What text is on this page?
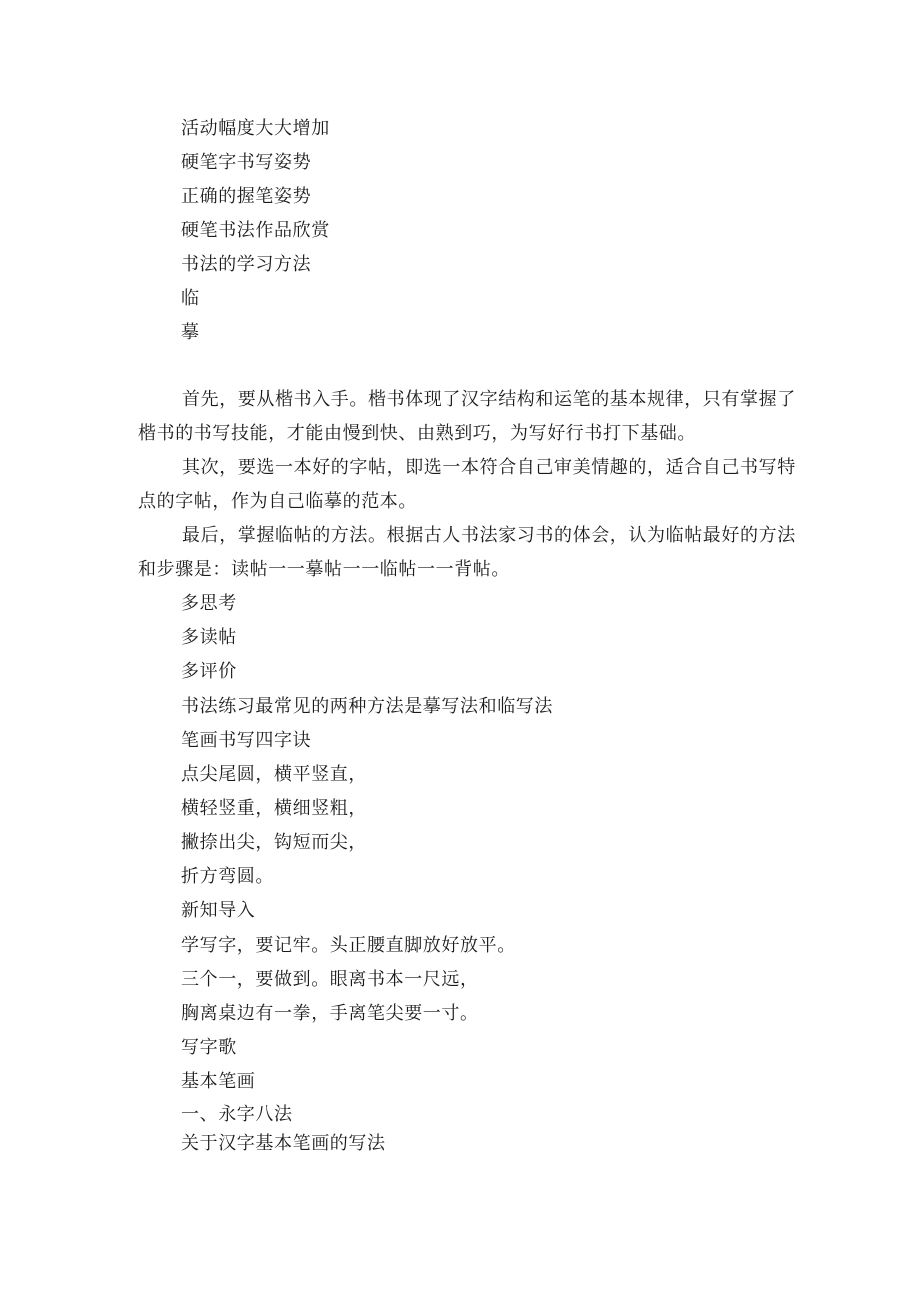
活动幅度大大增加
硬笔字书写姿势
正确的握笔姿势
硬笔书法作品欣赏
书法的学习方法
临
摹
首先，要从楷书入手。楷书体现了汉字结构和运笔的基本规律，只有掌握了楷书的书写技能，才能由慢到快、由熟到巧，为写好行书打下基础。
其次，要选一本好的字帖，即选一本符合自己审美情趣的，适合自己书写特点的字帖，作为自己临摹的范本。
最后，掌握临帖的方法。根据古人书法家习书的体会，认为临帖最好的方法和步骤是：读帖一一摹帖一一临帖一一背帖。
多思考
多读帖
多评价
书法练习最常见的两种方法是摹写法和临写法
笔画书写四字诀
点尖尾圆，横平竖直，
横轻竖重，横细竖粗，
撇捺出尖，钩短而尖，
折方弯圆。
新知导入
学写字，要记牢。头正腰直脚放好放平。
三个一，要做到。眼离书本一尺远，
胸离桌边有一拳，手离笔尖要一寸。
写字歌
基本笔画
一、永字八法
关于汉字基本笔画的写法
